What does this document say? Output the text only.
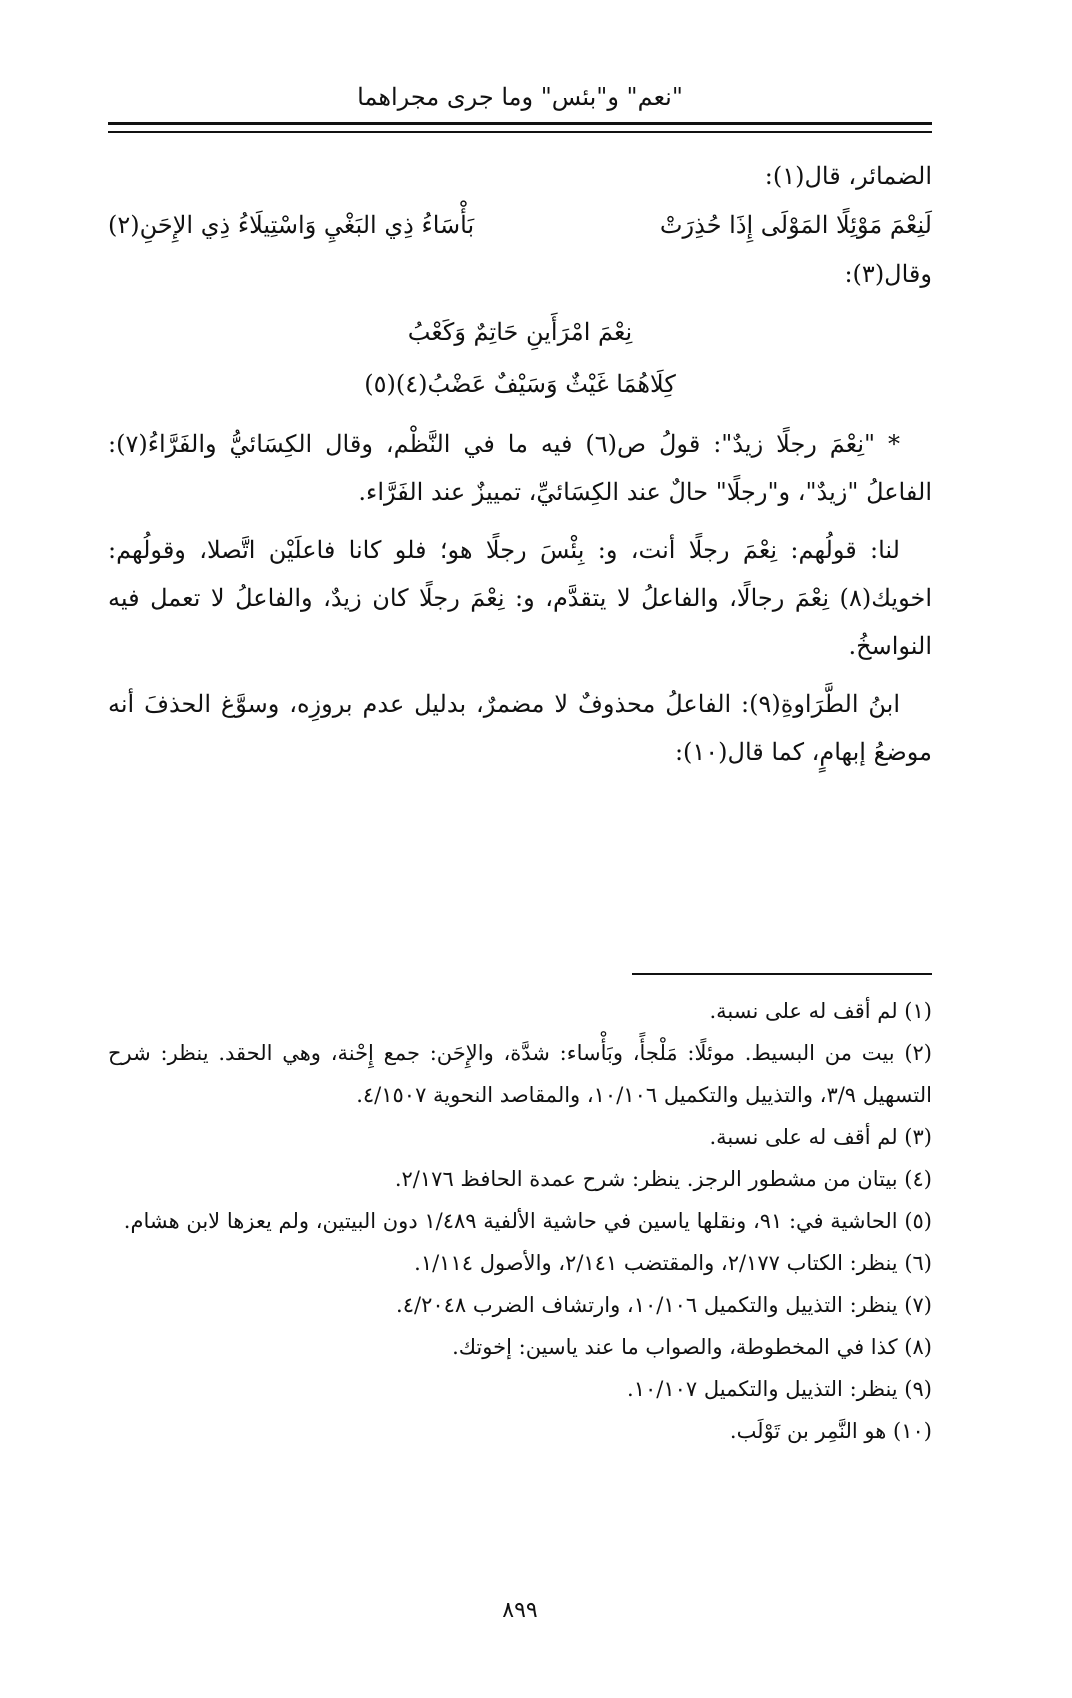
"نعم" و"بئس" وما جرى مجراهما

الضمائر، قال(١):

لَنِعْمَ مَوْئِلًا المَوْلَى إِذَا حُذِرَتْ
بَأْسَاءُ ذِي البَغْيِ وَاسْتِيلَاءُ ذِي الإِحَنِ(٢)

وقال(٣):

نِعْمَ امْرَأَينِ حَاتِمٌ وَكَعْبُ
كِلَاهُمَا غَيْثٌ وَسَيْفٌ عَضْبُ(٤)(٥)

* "نِعْمَ رجلًا زيدٌ": قولُ ص(٦) فيه ما في النَّظْم، وقال الكِسَائيُّ والفَرَّاءُ(٧): الفاعلُ "زيدٌ"، و"رجلًا" حالٌ عند الكِسَائيِّ، تمييزٌ عند الفَرَّاء.

لنا: قولُهم: نِعْمَ رجلًا أنت، و: بِئْسَ رجلًا هو؛ فلو كانا فاعلَيْن اتَّصلا، وقولُهم: اخويك(٨) نِعْمَ رجالًا، والفاعلُ لا يتقدَّم، و: نِعْمَ رجلًا كان زيدٌ، والفاعلُ لا تعمل فيه النواسخُ.

ابنُ الطَّرَاوةِ(٩): الفاعلُ محذوفٌ لا مضمرٌ، بدليل عدم بروزِه، وسوَّغ الحذفَ أنه موضعُ إبهامٍ، كما قال(١٠):

(١) لم أقف له على نسبة.

(٢) بيت من البسيط. موئلًا: مَلْجأً، وبَأْساء: شدَّة، والإِحَن: جمع إِحْنة، وهي الحقد. ينظر: شرح التسهيل ٣/٩، والتذييل والتكميل ١٠/١٠٦، والمقاصد النحوية ٤/١٥٠٧.

(٣) لم أقف له على نسبة.

(٤) بيتان من مشطور الرجز. ينظر: شرح عمدة الحافظ ٢/١٧٦.

(٥) الحاشية في: ٩١، ونقلها ياسين في حاشية الألفية ١/٤٨٩ دون البيتين، ولم يعزها لابن هشام.

(٦) ينظر: الكتاب ٢/١٧٧، والمقتضب ٢/١٤١، والأصول ١/١١٤.

(٧) ينظر: التذييل والتكميل ١٠/١٠٦، وارتشاف الضرب ٤/٢٠٤٨.

(٨) كذا في المخطوطة، والصواب ما عند ياسين: إخوتك.

(٩) ينظر: التذييل والتكميل ١٠/١٠٧.

(١٠) هو النَّمِر بن تَوْلَب.

٨٩٩
